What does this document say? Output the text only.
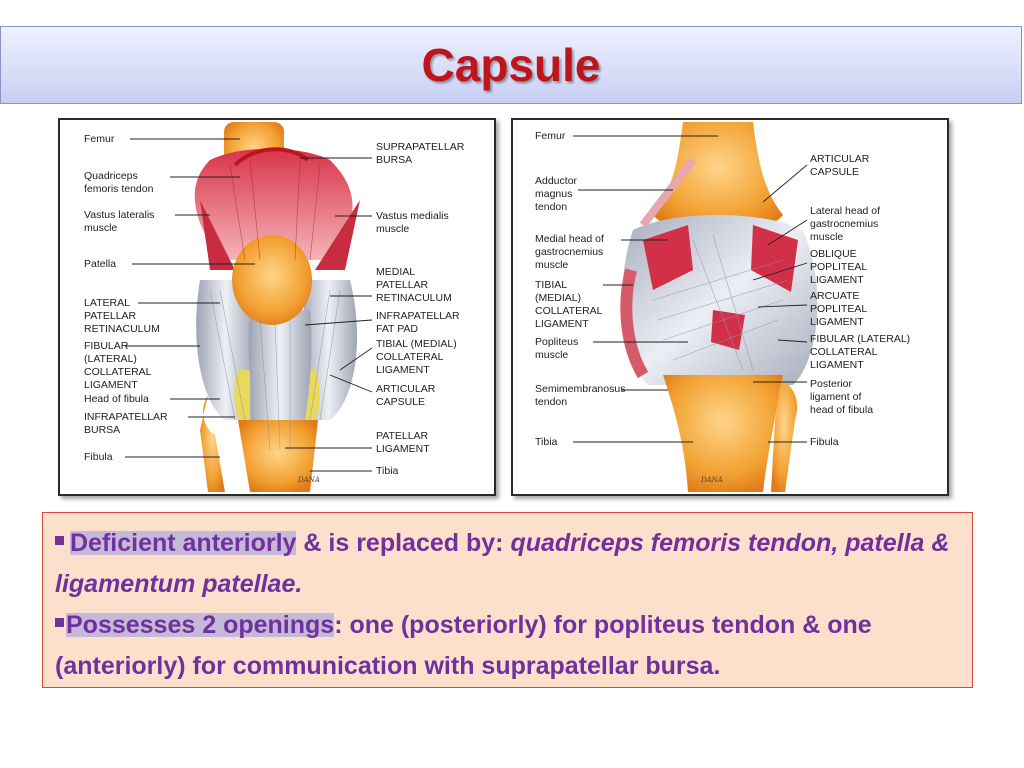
Capsule
Femur
Quadriceps
femoris tendon
Vastus lateralis
muscle
Patella
LATERAL
PATELLAR
RETINACULUM
FIBULAR
(LATERAL)
COLLATERAL
LIGAMENT
Head of fibula
INFRAPATELLAR
BURSA
Fibula
SUPRAPATELLAR
BURSA
Vastus medialis
muscle
MEDIAL
PATELLAR
RETINACULUM
INFRAPATELLAR
FAT PAD
TIBIAL (MEDIAL)
COLLATERAL
LIGAMENT
ARTICULAR
CAPSULE
PATELLAR
LIGAMENT
Tibia
DANA
Femur
Adductor
magnus
tendon
Medial head of
gastrocnemius
muscle
TIBIAL
(MEDIAL)
COLLATERAL
LIGAMENT
Popliteus
muscle
Semimembranosus
tendon
Tibia
ARTICULAR
CAPSULE
Lateral head of
gastrocnemius
muscle
OBLIQUE
POPLITEAL
LIGAMENT
ARCUATE
POPLITEAL
LIGAMENT
FIBULAR (LATERAL)
COLLATERAL
LIGAMENT
Posterior
ligament of
head of fibula
Fibula
DANA

Deficient anteriorly & is replaced by: quadriceps femoris tendon, patella & ligamentum patellae.

Possesses 2 openings: one (posteriorly) for popliteus tendon & one (anteriorly) for communication with suprapatellar bursa.
